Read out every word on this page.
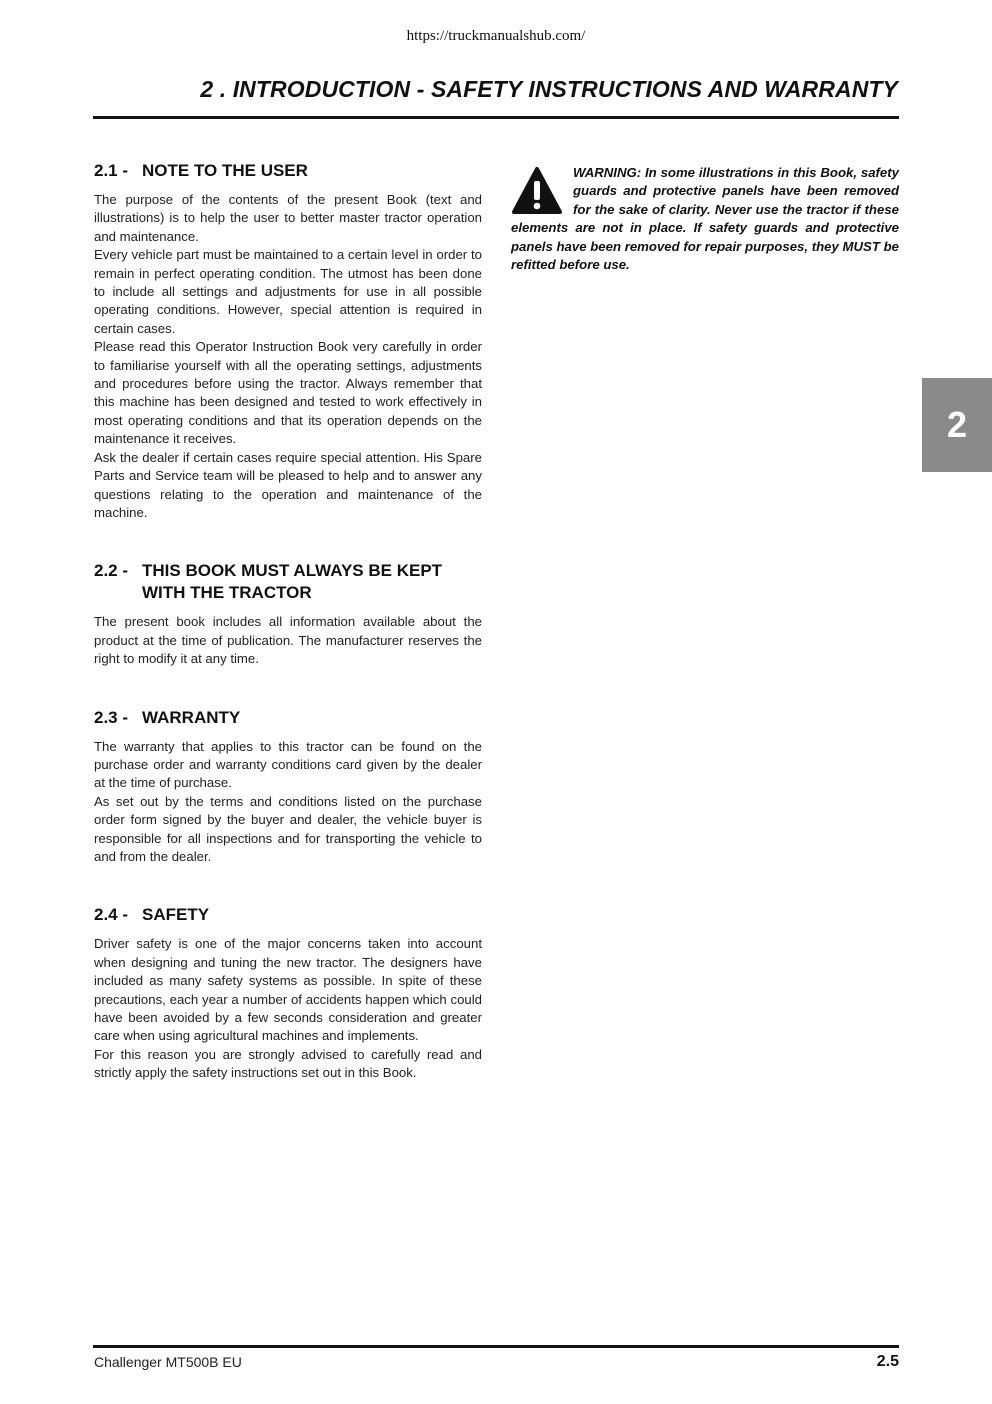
https://truckmanualshub.com/
2 . INTRODUCTION - SAFETY INSTRUCTIONS AND WARRANTY
2.1 - NOTE TO THE USER

The purpose of the contents of the present Book (text and illustrations) is to help the user to better master tractor operation and maintenance.

Every vehicle part must be maintained to a certain level in order to remain in perfect operating condition. The utmost has been done to include all settings and adjustments for use in all possible operating conditions. However, special attention is required in certain cases.

Please read this Operator Instruction Book very carefully in order to familiarise yourself with all the operating settings, adjustments and procedures before using the tractor. Always remember that this machine has been designed and tested to work effectively in most operating conditions and that its operation depends on the maintenance it receives.

Ask the dealer if certain cases require special attention. His Spare Parts and Service team will be pleased to help and to answer any questions relating to the operation and maintenance of the machine.

2.2 - THIS BOOK MUST ALWAYS BE KEPT WITH THE TRACTOR

The present book includes all information available about the product at the time of publication. The manufacturer reserves the right to modify it at any time.

2.3 - WARRANTY

The warranty that applies to this tractor can be found on the purchase order and warranty conditions card given by the dealer at the time of purchase.

As set out by the terms and conditions listed on the purchase order form signed by the buyer and dealer, the vehicle buyer is responsible for all inspections and for transporting the vehicle to and from the dealer.

2.4 - SAFETY

Driver safety is one of the major concerns taken into account when designing and tuning the new tractor. The designers have included as many safety systems as possible. In spite of these precautions, each year a number of accidents happen which could have been avoided by a few seconds consideration and greater care when using agricultural machines and implements.

For this reason you are strongly advised to carefully read and strictly apply the safety instructions set out in this Book.

WARNING: In some illustrations in this Book, safety guards and protective panels have been removed for the sake of clarity. Never use the tractor if these elements are not in place. If safety guards and protective panels have been removed for repair purposes, they MUST be refitted before use.

2
Challenger MT500B EU	2.5
